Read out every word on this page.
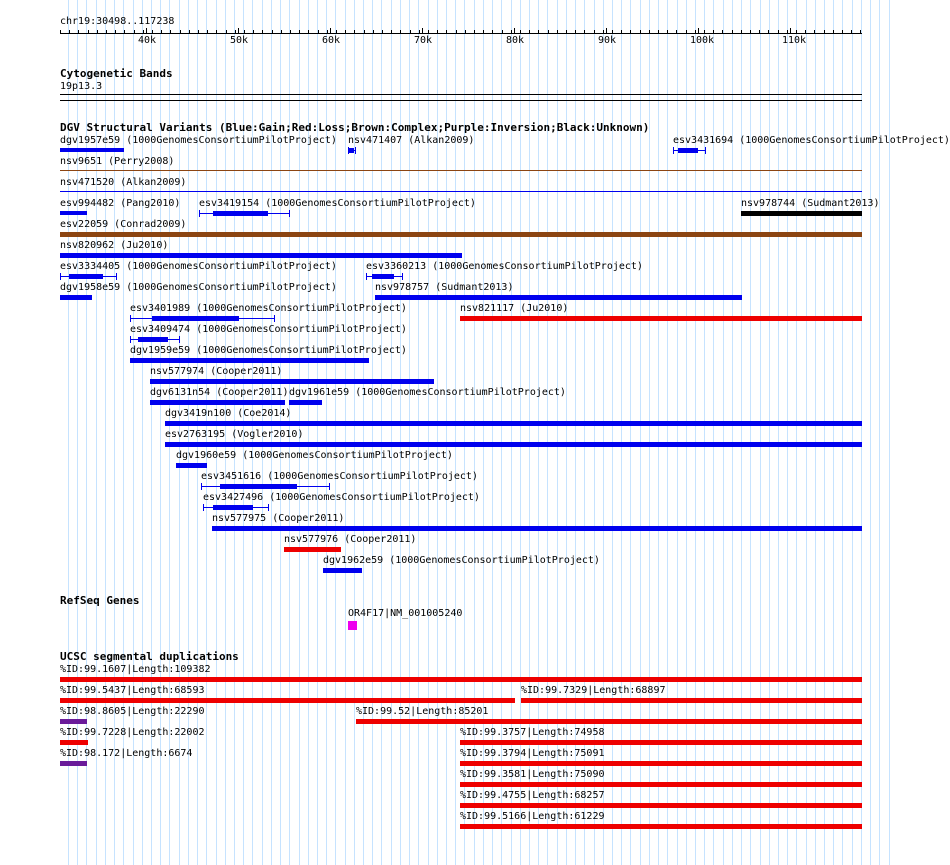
chr19:30498..117238
40k	50k	60k	70k	80k	90k	100k	110k
Cytogenetic Bands
19p13.3
DGV Structural Variants (Blue:Gain;Red:Loss;Brown:Complex;Purple:Inversion;Black:Unknown)
dgv1957e59 (1000GenomesConsortiumPilotProject) nsv471407 (Alkan2009)	esv3431694 (1000GenomesConsortiumPilotProject)
nsv9651 (Perry2008)
nsv471520 (Alkan2009)
esv994482 (Pang2010) esv3419154 (1000GenomesConsortiumPilotProject)	nsv978744 (Sudmant2013)
esv22059 (Conrad2009)
nsv820962 (Ju2010)
esv3334405 (1000GenomesConsortiumPilotProject)	esv3360213 (1000GenomesConsortiumPilotProject)
dgv1958e59 (1000GenomesConsortiumPilotProject)	nsv978757 (Sudmant2013)
esv3401989 (1000GenomesConsortiumPilotProject)	nsv821117 (Ju2010)
esv3409474 (1000GenomesConsortiumPilotProject)
dgv1959e59 (1000GenomesConsortiumPilotProject)
nsv577974 (Cooper2011)
dgv6131n54 (Cooper2011) dgv1961e59 (1000GenomesConsortiumPilotProject)
dgv3419n100 (Coe2014)
esv2763195 (Vogler2010)
dgv1960e59 (1000GenomesConsortiumPilotProject)
esv3451616 (1000GenomesConsortiumPilotProject)
esv3427496 (1000GenomesConsortiumPilotProject)
nsv577975 (Cooper2011)
nsv577976 (Cooper2011)
dgv1962e59 (1000GenomesConsortiumPilotProject)
RefSeq Genes
OR4F17|NM_001005240
UCSC segmental duplications
%ID:99.1607|Length:109382
%ID:99.5437|Length:68593	%ID:99.7329|Length:68897
%ID:98.8605|Length:22290	%ID:99.52|Length:85201
%ID:99.7228|Length:22002	%ID:99.3757|Length:74958
%ID:98.172|Length:6674	%ID:99.3794|Length:75091
%ID:99.3581|Length:75090
%ID:99.4755|Length:68257
%ID:99.5166|Length:61229
